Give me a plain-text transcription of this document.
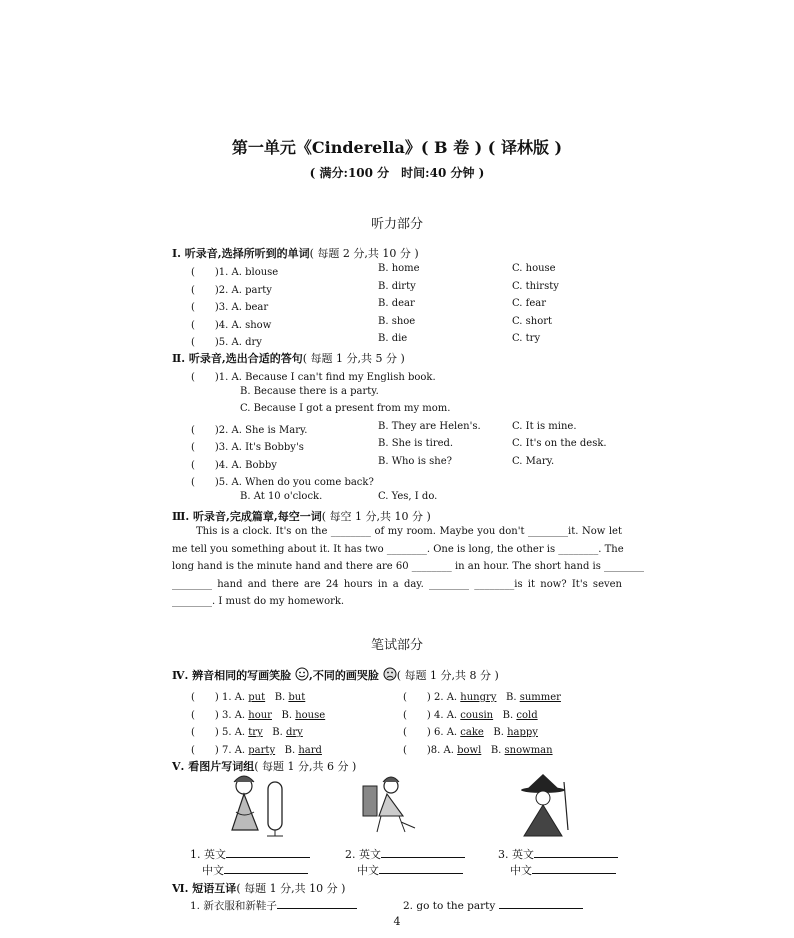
第一单元《Cinderella》( B 卷 ) ( 译林版 )
( 满分:100 分　时间:40 分钟 )
听力部分
Ⅰ. 听录音,选择所听到的单词( 每题 2 分,共 10 分 )
(　　)1. A. blouse	B. home	C. house
(　　)2. A. party	B. dirty	C. thirsty
(　　)3. A. bear	B. dear	C. fear
(　　)4. A. show	B. shoe	C. short
(　　)5. A. dry	B. die	C. try
Ⅱ. 听录音,选出合适的答句( 每题 1 分,共 5 分 )
(　　)1. A. Because I can't find my English book.
B. Because there is a party.
C. Because I got a present from my mom.
(　　)2. A. She is Mary.	B. They are Helen's.	C. It is mine.
(　　)3. A. It's Bobby's	B. She is tired.	C. It's on the desk.
(　　)4. A. Bobby	B. Who is she?	C. Mary.
(　　)5. A. When do you come back?
B. At 10 o'clock.	C. Yes, I do.
Ⅲ. 听录音,完成篇章,每空一词( 每空 1 分,共 10 分 )
This is a clock. It's on the ________ of my room. Maybe you don't ________it. Now let
me tell you something about it. It has two ________. One is long, the other is ________. The
long hand is the minute hand and there are 60 ________ in an hour. The short hand is ________
________ hand and there are 24 hours in a day. ________ ________is it now? It's seven
________. I must do my homework.
笔试部分
Ⅳ. 辨音相同的写画笑脸 ,不同的画哭脸 ( 每题 1 分,共 8 分 )
(　　) 1. A. put   B. but	(　　) 2. A. hungry   B. summer
(　　) 3. A. hour   B. house	(　　) 4. A. cousin   B. cold
(　　) 5. A. try   B. dry	(　　) 6. A. cake   B. happy
(　　) 7. A. party   B. hard	(　　)8. A. bowl   B. snowman
Ⅴ. 看图片写词组( 每题 1 分,共 6 分 )
1. 英文	2. 英文	3. 英文
中文	中文	中文
Ⅵ. 短语互译( 每题 1 分,共 10 分 )
1. 新衣服和新鞋子	2. go to the party
4
